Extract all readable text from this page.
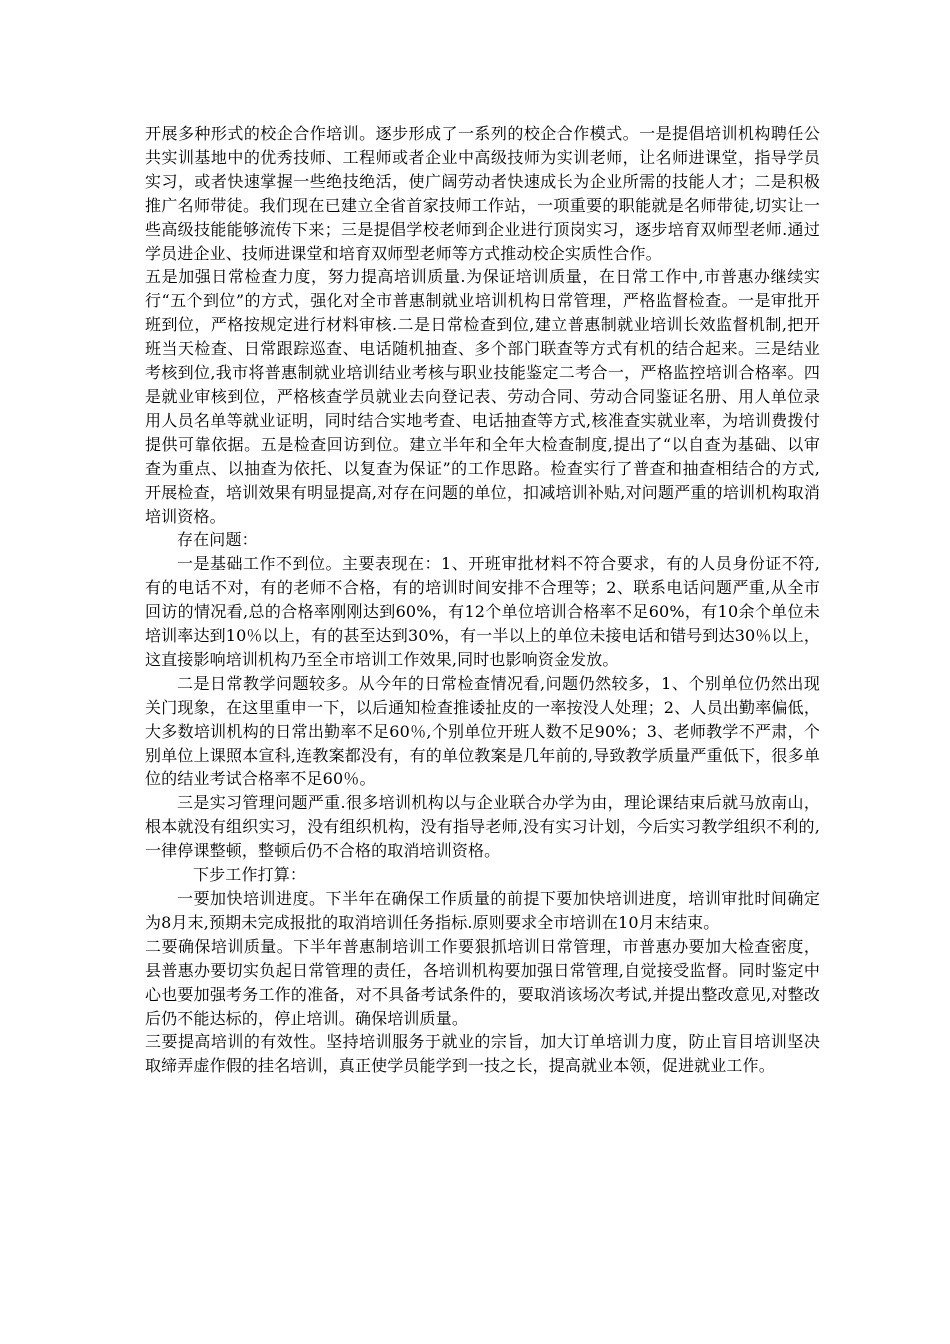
开展多种形式的校企合作培训。逐步形成了一系列的校企合作模式。一是提倡培训机构聘任公共实训基地中的优秀技师、工程师或者企业中高级技师为实训老师，让名师进课堂，指导学员实习，或者快速掌握一些绝技绝活，使广阔劳动者快速成长为企业所需的技能人才；二是积极推广名师带徒。我们现在已建立全省首家技师工作站，一项重要的职能就是名师带徒,切实让一些高级技能能够流传下来；三是提倡学校老师到企业进行顶岗实习，逐步培育双师型老师.通过学员进企业、技师进课堂和培育双师型老师等方式推动校企实质性合作。

五是加强日常检查力度，努力提高培训质量.为保证培训质量，在日常工作中,市普惠办继续实行“五个到位”的方式，强化对全市普惠制就业培训机构日常管理，严格监督检查。一是审批开班到位，严格按规定进行材料审核.二是日常检查到位,建立普惠制就业培训长效监督机制,把开班当天检查、日常跟踪巡查、电话随机抽查、多个部门联查等方式有机的结合起来。三是结业考核到位,我市将普惠制就业培训结业考核与职业技能鉴定二考合一，严格监控培训合格率。四是就业审核到位，严格核查学员就业去向登记表、劳动合同、劳动合同鉴证名册、用人单位录用人员名单等就业证明，同时结合实地考查、电话抽查等方式,核准查实就业率，为培训费拨付提供可靠依据。五是检查回访到位。建立半年和全年大检查制度,提出了“以自查为基础、以审查为重点、以抽查为依托、以复查为保证”的工作思路。检查实行了普查和抽查相结合的方式,开展检查，培训效果有明显提高,对存在问题的单位，扣减培训补贴,对问题严重的培训机构取消培训资格。

存在问题：

一是基础工作不到位。主要表现在：1、开班审批材料不符合要求，有的人员身份证不符,有的电话不对，有的老师不合格，有的培训时间安排不合理等；2、联系电话问题严重,从全市回访的情况看,总的合格率刚刚达到60%，有12个单位培训合格率不足60%，有10余个单位未培训率达到10％以上，有的甚至达到30%，有一半以上的单位未接电话和错号到达30％以上，这直接影响培训机构乃至全市培训工作效果,同时也影响资金发放。

二是日常教学问题较多。从今年的日常检查情况看,问题仍然较多，1、个别单位仍然出现关门现象，在这里重申一下，以后通知检查推诿扯皮的一率按没人处理；2、人员出勤率偏低，大多数培训机构的日常出勤率不足60％,个别单位开班人数不足90%；3、老师教学不严肃，个别单位上课照本宣科,连教案都没有，有的单位教案是几年前的,导致教学质量严重低下，很多单位的结业考试合格率不足60％。

三是实习管理问题严重.很多培训机构以与企业联合办学为由，理论课结束后就马放南山，根本就没有组织实习，没有组织机构，没有指导老师,没有实习计划，今后实习教学组织不利的,一律停课整顿，整顿后仍不合格的取消培训资格。

下步工作打算：

一要加快培训进度。下半年在确保工作质量的前提下要加快培训进度，培训审批时间确定为8月末,预期未完成报批的取消培训任务指标.原则要求全市培训在10月末结束。

二要确保培训质量。下半年普惠制培训工作要狠抓培训日常管理，市普惠办要加大检查密度，县普惠办要切实负起日常管理的责任，各培训机构要加强日常管理,自觉接受监督。同时鉴定中心也要加强考务工作的准备，对不具备考试条件的，要取消该场次考试,并提出整改意见,对整改后仍不能达标的，停止培训。确保培训质量。

三要提高培训的有效性。坚持培训服务于就业的宗旨，加大订单培训力度，防止盲目培训坚决取缔弄虚作假的挂名培训，真正使学员能学到一技之长，提高就业本领，促进就业工作。
